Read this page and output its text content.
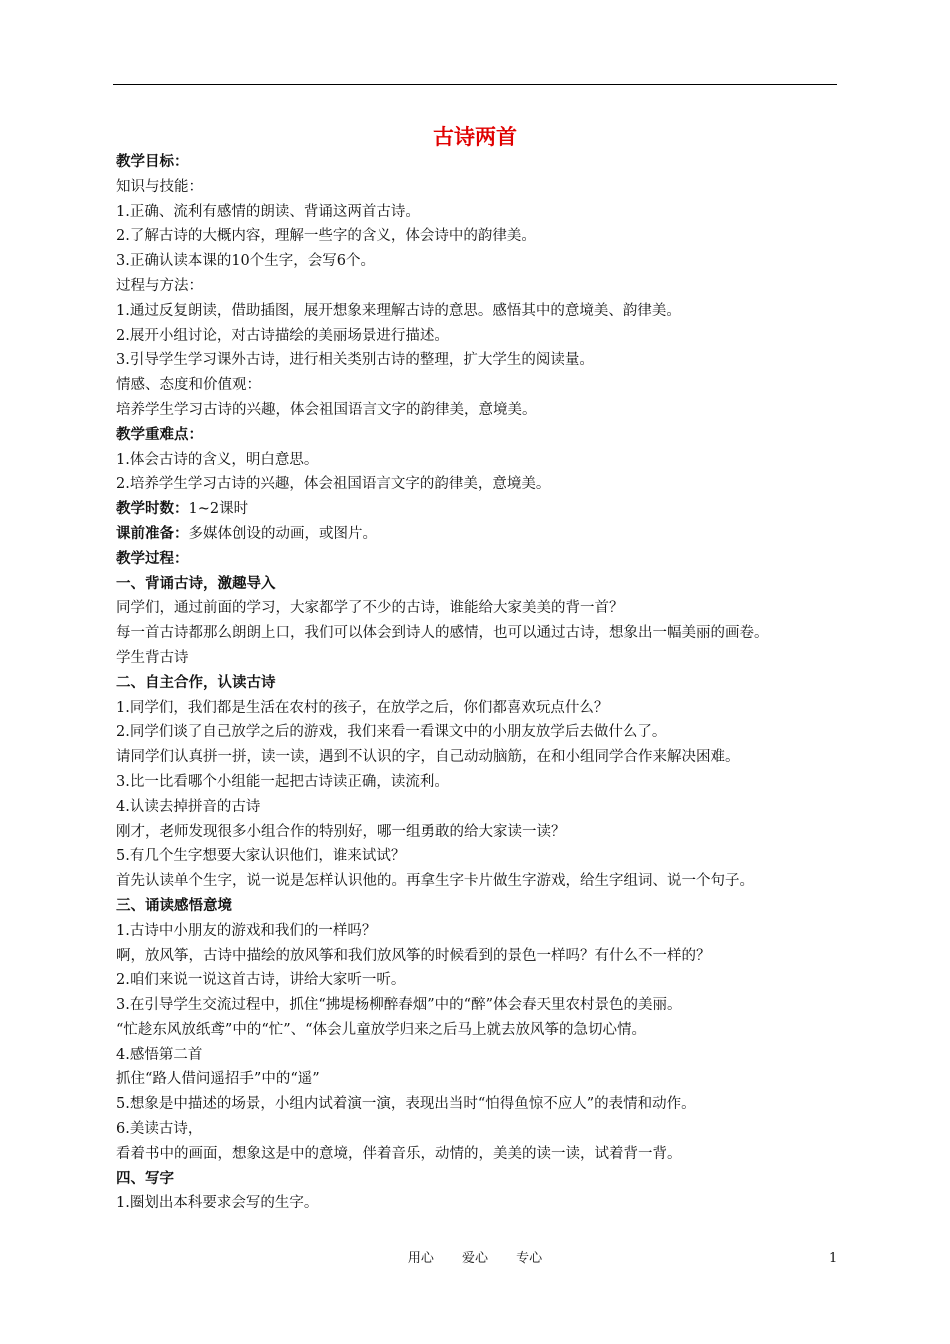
古诗两首
教学目标：
知识与技能：
1.正确、流利有感情的朗读、背诵这两首古诗。
2.了解古诗的大概内容，理解一些字的含义，体会诗中的韵律美。
3.正确认读本课的10个生字，会写6个。
过程与方法：
1.通过反复朗读，借助插图，展开想象来理解古诗的意思。感悟其中的意境美、韵律美。
2.展开小组讨论，对古诗描绘的美丽场景进行描述。
3.引导学生学习课外古诗，进行相关类别古诗的整理，扩大学生的阅读量。
情感、态度和价值观：
培养学生学习古诗的兴趣，体会祖国语言文字的韵律美，意境美。
教学重难点：
1.体会古诗的含义，明白意思。
2.培养学生学习古诗的兴趣，体会祖国语言文字的韵律美，意境美。
教学时数：1~2课时
课前准备：多媒体创设的动画，或图片。
教学过程：
一、背诵古诗，激趣导入
同学们，通过前面的学习，大家都学了不少的古诗，谁能给大家美美的背一首？
每一首古诗都那么朗朗上口，我们可以体会到诗人的感情，也可以通过古诗，想象出一幅美丽的画卷。
学生背古诗
二、自主合作，认读古诗
1.同学们，我们都是生活在农村的孩子，在放学之后，你们都喜欢玩点什么？
2.同学们谈了自己放学之后的游戏，我们来看一看课文中的小朋友放学后去做什么了。
请同学们认真拼一拼，读一读，遇到不认识的字，自己动动脑筋，在和小组同学合作来解决困难。
3.比一比看哪个小组能一起把古诗读正确，读流利。
4.认读去掉拼音的古诗
刚才，老师发现很多小组合作的特别好，哪一组勇敢的给大家读一读？
5.有几个生字想要大家认识他们，谁来试试？
首先认读单个生字，说一说是怎样认识他的。再拿生字卡片做生字游戏，给生字组词、说一个句子。
三、诵读感悟意境
1.古诗中小朋友的游戏和我们的一样吗？
啊，放风筝，古诗中描绘的放风筝和我们放风筝的时候看到的景色一样吗？有什么不一样的？
2.咱们来说一说这首古诗，讲给大家听一听。
3.在引导学生交流过程中，抓住“拂堤杨柳醉春烟”中的“醉”体会春天里农村景色的美丽。
“忙趁东风放纸鸢”中的“忙”、“体会儿童放学归来之后马上就去放风筝的急切心情。
4.感悟第二首
抓住“路人借问遥招手”中的“遥”
5.想象是中描述的场景，小组内试着演一演，表现出当时“怕得鱼惊不应人”的表情和动作。
6.美读古诗，
看着书中的画面，想象这是中的意境，伴着音乐，动情的，美美的读一读，试着背一背。
四、写字
1.圈划出本科要求会写的生字。
用心 爱心 专心	1
